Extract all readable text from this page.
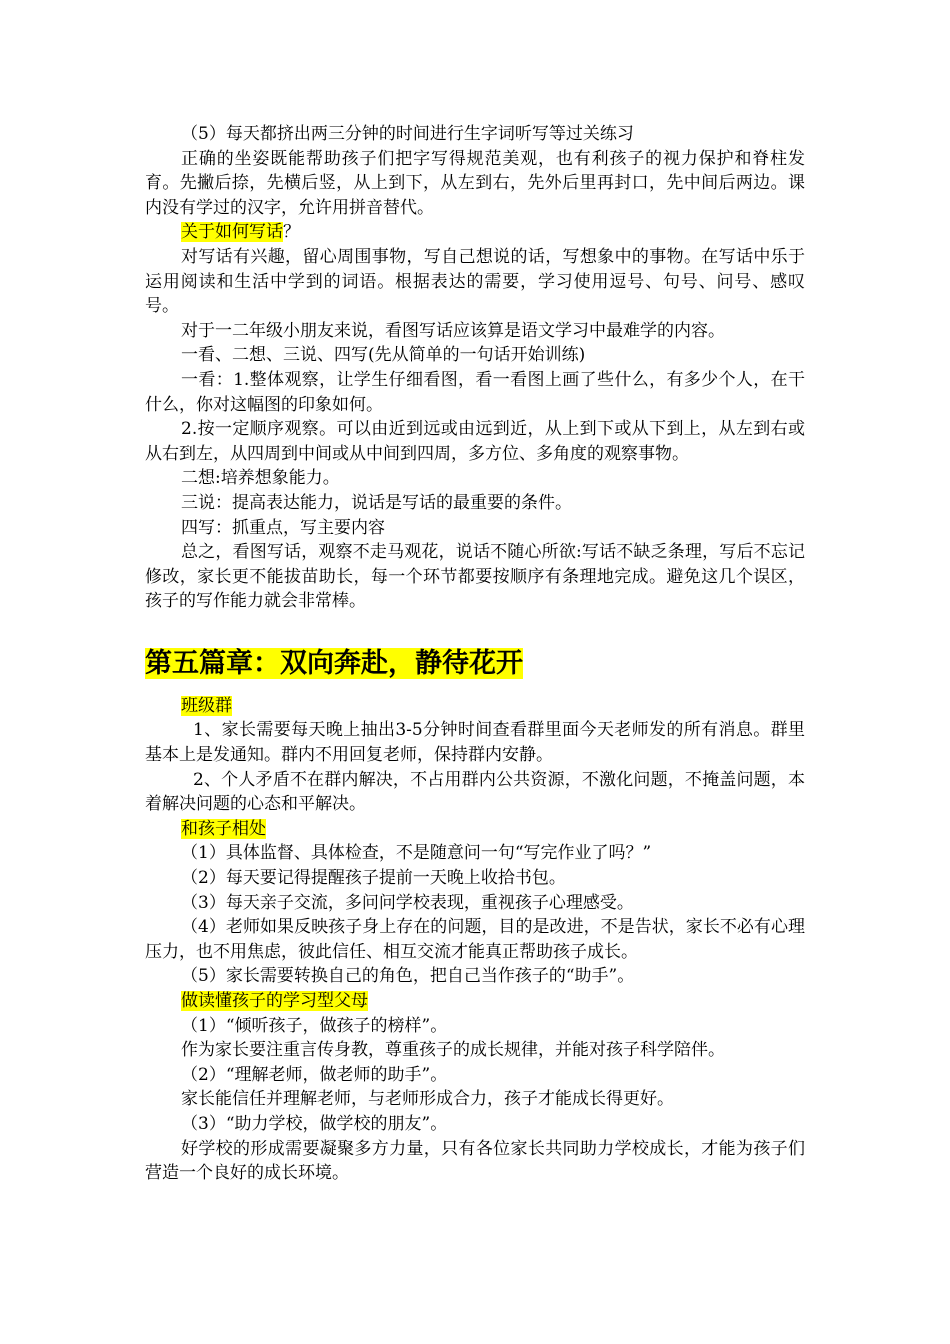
（5）每天都挤出两三分钟的时间进行生字词听写等过关练习

正确的坐姿既能帮助孩子们把字写得规范美观，也有利孩子的视力保护和脊柱发育。先撇后捺，先横后竖，从上到下，从左到右，先外后里再封口，先中间后两边。课内没有学过的汉字，允许用拼音替代。

关于如何写话？

对写话有兴趣，留心周围事物，写自己想说的话，写想象中的事物。在写话中乐于运用阅读和生活中学到的词语。根据表达的需要，学习使用逗号、句号、问号、感叹号。

对于一二年级小朋友来说，看图写话应该算是语文学习中最难学的内容。

一看、二想、三说、四写(先从简单的一句话开始训练)

一看：1.整体观察，让学生仔细看图，看一看图上画了些什么，有多少个人，在干什么，你对这幅图的印象如何。

2.按一定顺序观察。可以由近到远或由远到近，从上到下或从下到上，从左到右或从右到左，从四周到中间或从中间到四周，多方位、多角度的观察事物。

二想:培养想象能力。

三说：提高表达能力，说话是写话的最重要的条件。

四写：抓重点，写主要内容

总之，看图写话，观察不走马观花，说话不随心所欲:写话不缺乏条理，写后不忘记修改，家长更不能拔苗助长，每一个环节都要按顺序有条理地完成。避免这几个误区，孩子的写作能力就会非常棒。

第五篇章：双向奔赴，静待花开

班级群

1、家长需要每天晚上抽出3-5分钟时间查看群里面今天老师发的所有消息。群里基本上是发通知。群内不用回复老师，保持群内安静。

2、个人矛盾不在群内解决，不占用群内公共资源，不激化问题，不掩盖问题，本着解决问题的心态和平解决。

和孩子相处

（1）具体监督、具体检查，不是随意问一句“写完作业了吗？”

（2）每天要记得提醒孩子提前一天晚上收拾书包。

（3）每天亲子交流，多问问学校表现，重视孩子心理感受。

（4）老师如果反映孩子身上存在的问题，目的是改进，不是告状，家长不必有心理压力，也不用焦虑，彼此信任、相互交流才能真正帮助孩子成长。

（5）家长需要转换自己的角色，把自己当作孩子的“助手”。

做读懂孩子的学习型父母

（1）“倾听孩子，做孩子的榜样”。

作为家长要注重言传身教，尊重孩子的成长规律，并能对孩子科学陪伴。

（2）“理解老师，做老师的助手”。

家长能信任并理解老师，与老师形成合力，孩子才能成长得更好。

（3）“助力学校，做学校的朋友”。

好学校的形成需要凝聚多方力量，只有各位家长共同助力学校成长，才能为孩子们营造一个良好的成长环境。
